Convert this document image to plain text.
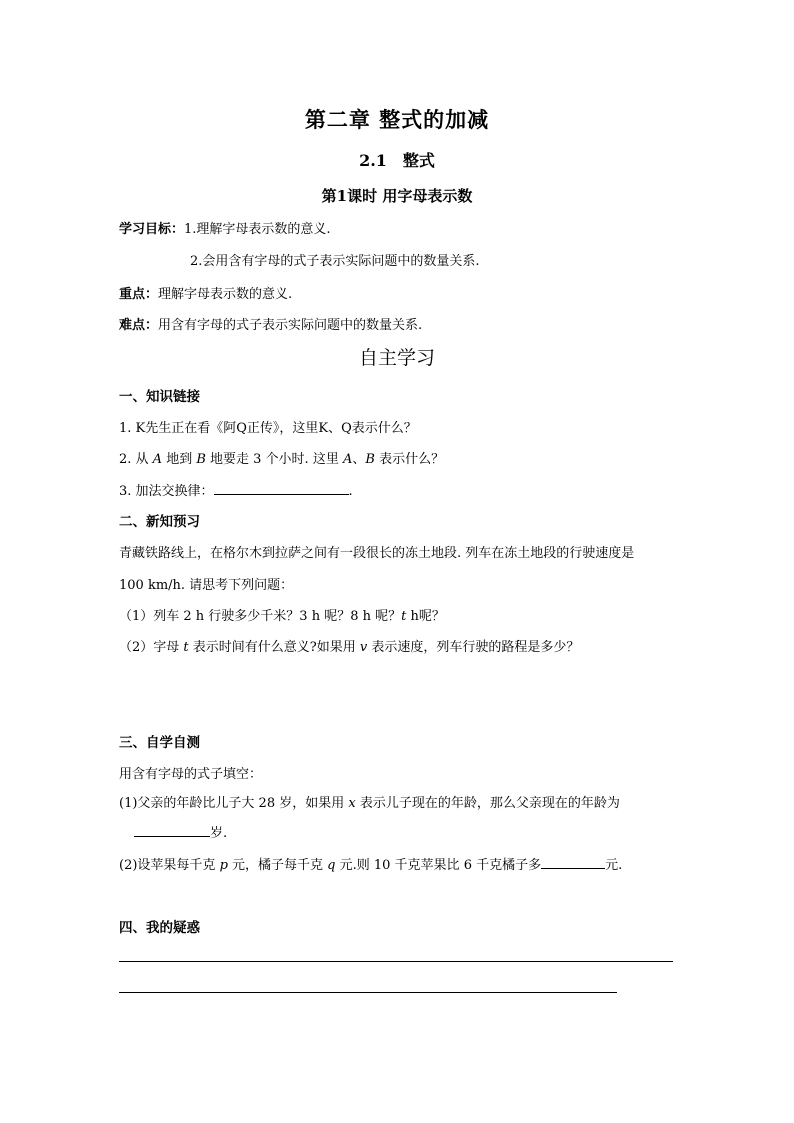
第二章 整式的加减
2.1　整式
第1课时 用字母表示数
学习目标：1.理解字母表示数的意义.
2.会用含有字母的式子表示实际问题中的数量关系.
重点：理解字母表示数的意义.
难点：用含有字母的式子表示实际问题中的数量关系.
自主学习
一、知识链接
1. K先生正在看《阿Q正传》，这里K、Q表示什么？
2. 从 A 地到 B 地要走 3 个小时. 这里 A、B 表示什么？
3. 加法交换律：	.
二、新知预习
青藏铁路线上，在格尔木到拉萨之间有一段很长的冻土地段. 列车在冻土地段的行驶速度是
100 km/h. 请思考下列问题：
（1）列车 2 h 行驶多少千米？3 h 呢？8 h 呢？t h呢？
（2）字母 t 表示时间有什么意义?如果用 v 表示速度，列车行驶的路程是多少？
三、自学自测
用含有字母的式子填空：
(1)父亲的年龄比儿子大 28 岁，如果用 x 表示儿子现在的年龄，那么父亲现在的年龄为
岁.
(2)设苹果每千克 p 元，橘子每千克 q 元.则 10 千克苹果比 6 千克橘子多	元.
四、我的疑惑
